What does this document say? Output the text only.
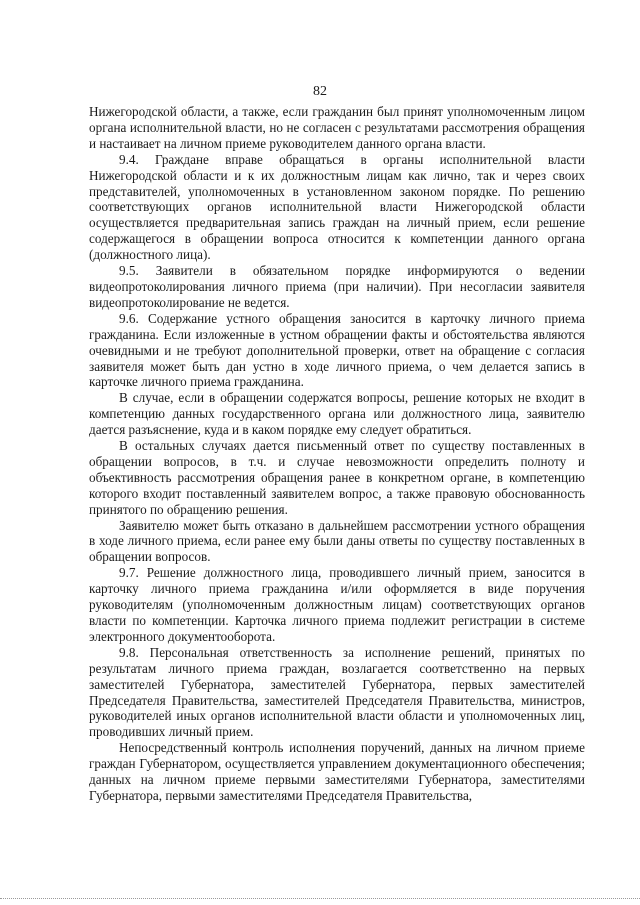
82

Нижегородской области, а также, если гражданин был принят уполномоченным лицом органа исполнительной власти, но не согласен с результатами рассмотрения обращения и настаивает на личном приеме руководителем данного органа власти.

9.4. Граждане вправе обращаться в органы исполнительной власти Нижегородской области и к их должностным лицам как лично, так и через своих представителей, уполномоченных в установленном законом порядке. По решению соответствующих органов исполнительной власти Нижегородской области осуществляется предварительная запись граждан на личный прием, если решение содержащегося в обращении вопроса относится к компетенции данного органа (должностного лица).

9.5. Заявители в обязательном порядке информируются о ведении видеопротоколирования личного приема (при наличии). При несогласии заявителя видеопротоколирование не ведется.

9.6. Содержание устного обращения заносится в карточку личного приема гражданина. Если изложенные в устном обращении факты и обстоятельства являются очевидными и не требуют дополнительной проверки, ответ на обращение с согласия заявителя может быть дан устно в ходе личного приема, о чем делается запись в карточке личного приема гражданина.

В случае, если в обращении содержатся вопросы, решение которых не входит в компетенцию данных государственного органа или должностного лица, заявителю дается разъяснение, куда и в каком порядке ему следует обратиться.

В остальных случаях дается письменный ответ по существу поставленных в обращении вопросов, в т.ч. и случае невозможности определить полноту и объективность рассмотрения обращения ранее в конкретном органе, в компетенцию которого входит поставленный заявителем вопрос, а также правовую обоснованность принятого по обращению решения.

Заявителю может быть отказано в дальнейшем рассмотрении устного обращения в ходе личного приема, если ранее ему были даны ответы по существу поставленных в обращении вопросов.

9.7. Решение должностного лица, проводившего личный прием, заносится в карточку личного приема гражданина и/или оформляется в виде поручения руководителям (уполномоченным должностным лицам) соответствующих органов власти по компетенции. Карточка личного приема подлежит регистрации в системе электронного документооборота.

9.8. Персональная ответственность за исполнение решений, принятых по результатам личного приема граждан, возлагается соответственно на первых заместителей Губернатора, заместителей Губернатора, первых заместителей Председателя Правительства, заместителей Председателя Правительства, министров, руководителей иных органов исполнительной власти области и уполномоченных лиц, проводивших личный прием.

Непосредственный контроль исполнения поручений, данных на личном приеме граждан Губернатором, осуществляется управлением документационного обеспечения; данных на личном приеме первыми заместителями Губернатора, заместителями Губернатора, первыми заместителями Председателя Правительства,
